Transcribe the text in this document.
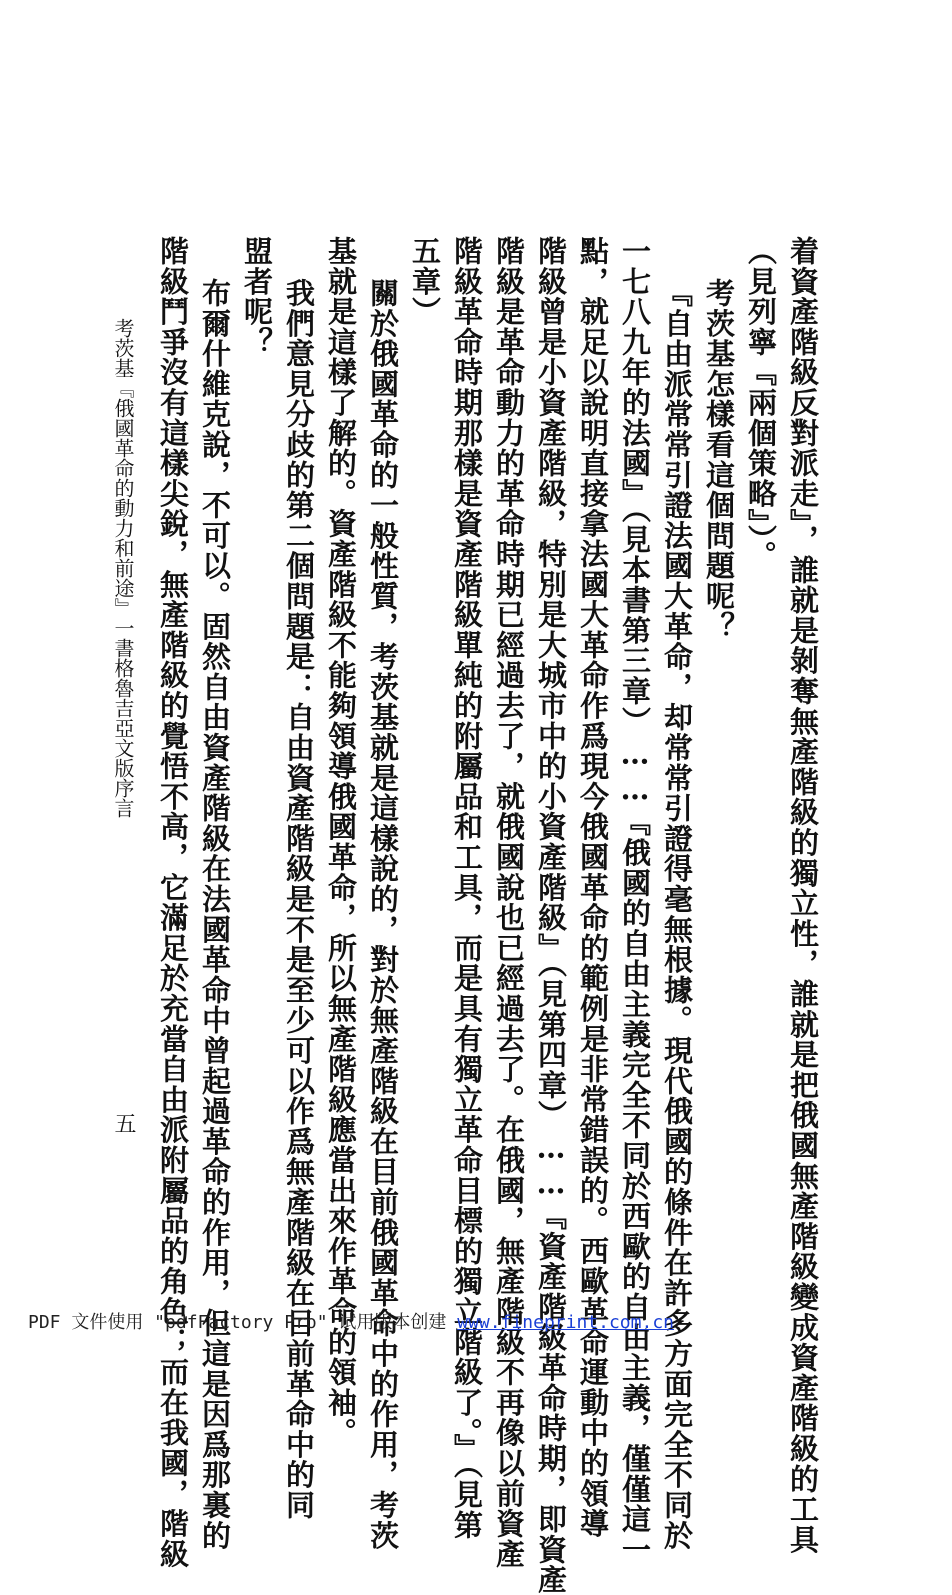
着資產階級反對派走』，誰就是剝奪無產階級的獨立性，誰就是把俄國無產階級變成資產階級的工具
（見列寧『兩個策略』）。
考茨基怎樣看這個問題呢？
『自由派常常引證法國大革命，却常常引證得毫無根據。現代俄國的條件在許多方面完全不同於
一七八九年的法國』（見本書第三章）……『俄國的自由主義完全不同於西歐的自由主義，僅僅這一
點，就足以說明直接拿法國大革命作爲現今俄國革命的範例是非常錯誤的。西歐革命運動中的領導
階級曾是小資產階級，特別是大城市中的小資產階級』（見第四章）……『資產階級革命時期，即資產
階級是革命動力的革命時期已經過去了，就俄國說也已經過去了。在俄國，無產階級不再像以前資產
階級革命時期那樣是資產階級單純的附屬品和工具，而是具有獨立革命目標的獨立階級了。』（見第
五章）
關於俄國革命的一般性質，考茨基就是這樣說的，對於無產階級在目前俄國革命中的作用，考茨
基就是這樣了解的。資產階級不能夠領導俄國革命，所以無產階級應當出來作革命的領袖。
我們意見分歧的第二個問題是：自由資產階級是不是至少可以作爲無產階級在目前革命中的同
盟者呢？
布爾什維克說，不可以。固然自由資產階級在法國革命中曾起過革命的作用，但這是因爲那裏的
階級鬥爭沒有這樣尖銳，無產階級的覺悟不高，它滿足於充當自由派附屬品的角色；而在我國，階級
考茨基『俄國革命的動力和前途』一書格魯吉亞文版序言
五
PDF 文件使用 "pdfFactory Pro" 试用版本创建 www.fineprint.com.cn
